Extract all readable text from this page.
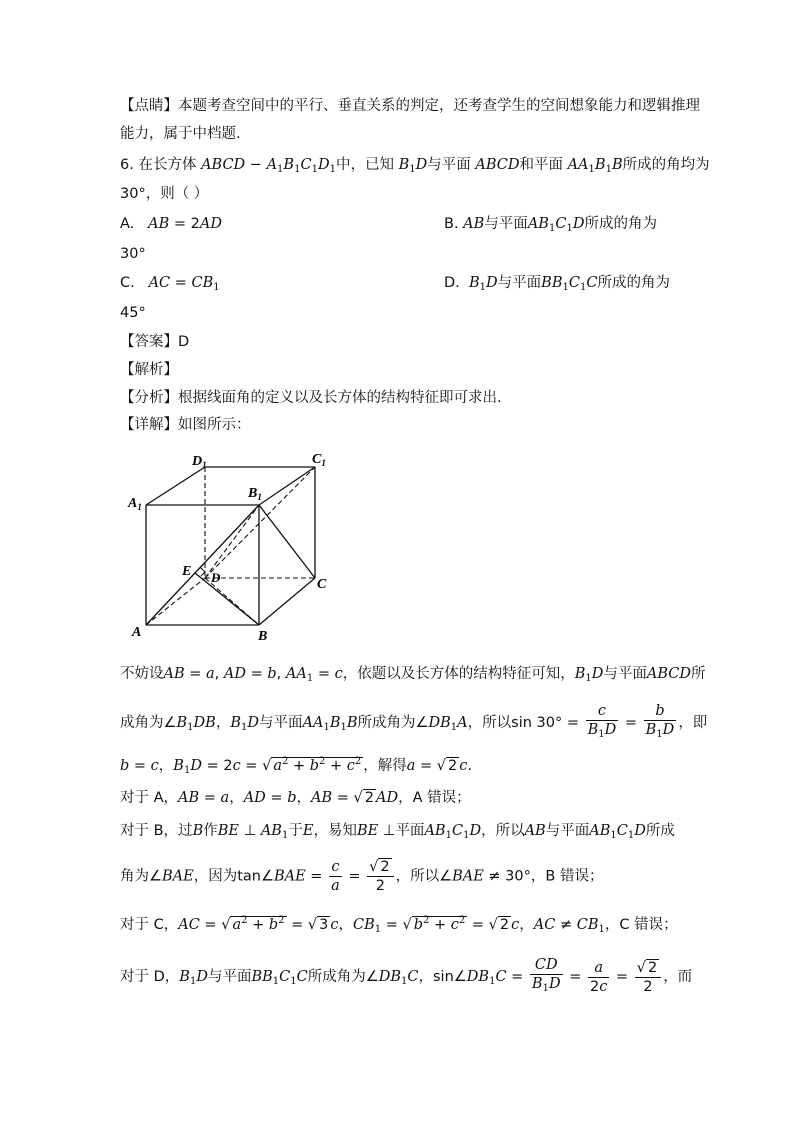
【点睛】本题考查空间中的平行、垂直关系的判定，还考查学生的空间想象能力和逻辑推理
能力，属于中档题.
6. 在长方体 ABCD − $A_1B_1C_1D_1$中，已知 $B_1D$与平面 ABCD和平面 $AA_1B_1B$所成的角均为
30°，则（ ）
A. AB = 2AD	B. AB与平面$AB_1C_1D$所成的角为
30°
C. AC = $CB_1$	D. $B_1D$与平面$BB_1C_1C$所成的角为
45°
【答案】D
【解析】
【分析】根据线面角的定义以及长方体的结构特征即可求出.
【详解】如图所示：
$D_1$	$C_1$
$A_1$
$B_1$
E D	C
A	B
不妨设AB = a, AD = b, $AA_1 = c$，依题以及长方体的结构特征可知，$B_1D$与平面ABCD所
成角为$\angle B_1DB$，$B_1D$与平面$AA_1B_1B$所成角为$\angle DB_1A$，所以$\sin 30^\circ = \frac{c}{B_1D} = \frac{b}{B_1D}$ ，即
b = c，$B_1D = 2c$ = √ $a^2 + b^2 + c^2$ ，解得a = √ 2 c.
对于 A，AB = a，AD = b，AB = √ 2 AD，A 错误；
对于 B，过B作BE ⊥ $AB_1$于E，易知BE ⊥平面$AB_1C_1D$，所以AB与平面$AB_1C_1D$所成
角为∠BAE，因为tan∠BAE = $\frac{c}{a} = \frac{√ 2}{2}$ ，所以∠BAE ≠ 30°，B 错误；
对于 C，AC = √ $a^2 + b^2$ = √ 3 c，$CB_1$ = √ $b^2 + c^2$ = √ 2 c，AC ≠ $CB_1$，C 错误；
对于 D，$B_1D$与平面$BB_1C_1C$所成角为$\angle DB_1C$，$\sin\angle DB_1C = \frac{CD}{B_1D} = \frac{a}{2c} = \frac{√ 2}{2}$ ，而
